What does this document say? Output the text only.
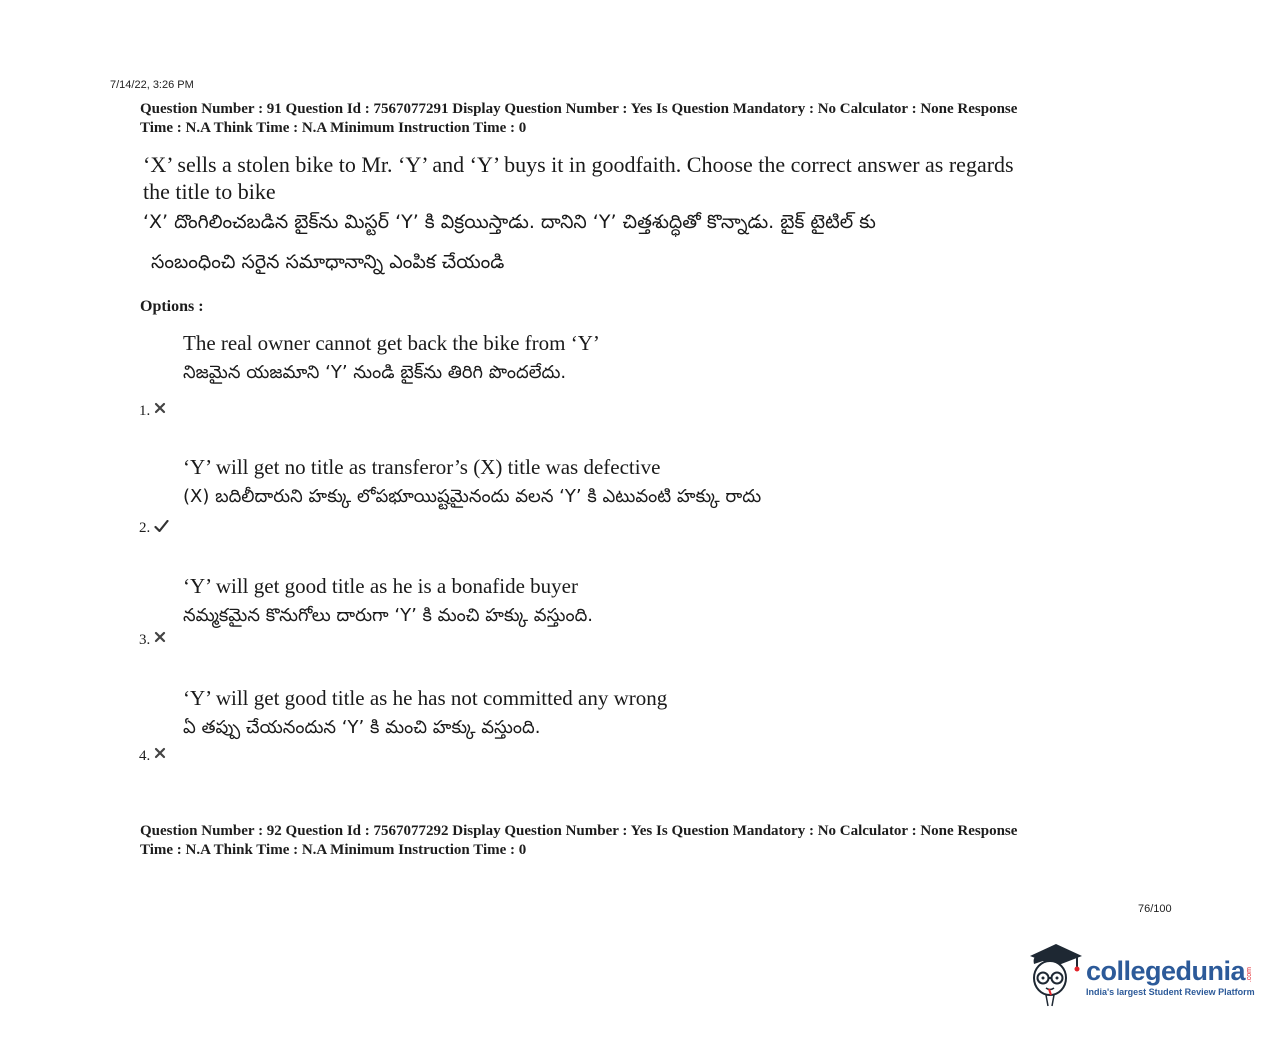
7/14/22, 3:26 PM
Question Number : 91 Question Id : 7567077291 Display Question Number : Yes Is Question Mandatory : No Calculator : None Response
Time : N.A Think Time : N.A Minimum Instruction Time : 0
‘X’ sells a stolen bike to Mr. ‘Y’ and ‘Y’ buys it in goodfaith. Choose the correct answer as regards
the title to bike
‘X’ దొంగిలించబడిన బైక్‌ను మిస్టర్ ‘Y’ కి విక్రయిస్తాడు. దానిని ‘Y’ చిత్తశుద్ధితో కొన్నాడు. బైక్ టైటిల్ కు
సంబంధించి సరైన సమాధానాన్ని ఎంపిక చేయండి
Options :
The real owner cannot get back the bike from ‘Y’
నిజమైన యజమాని ‘Y’ నుండి బైక్‌ను తిరిగి పొందలేదు.
1.
‘Y’ will get no title as transferor’s (X) title was defective
(X) బదిలీదారుని హక్కు లోపభూయిష్టమైనందు వలన ‘Y’ కి ఎటువంటి హక్కు రాదు
2.
‘Y’ will get good title as he is a bonafide buyer
నమ్మకమైన కొనుగోలు దారుగా ‘Y’ కి మంచి హక్కు వస్తుంది.
3.
‘Y’ will get good title as he has not committed any wrong
ఏ తప్పు చేయనందున ‘Y’ కి మంచి హక్కు వస్తుంది.
4.
Question Number : 92 Question Id : 7567077292 Display Question Number : Yes Is Question Mandatory : No Calculator : None Response
Time : N.A Think Time : N.A Minimum Instruction Time : 0
76/100
collegedunia .com
India's largest Student Review Platform
